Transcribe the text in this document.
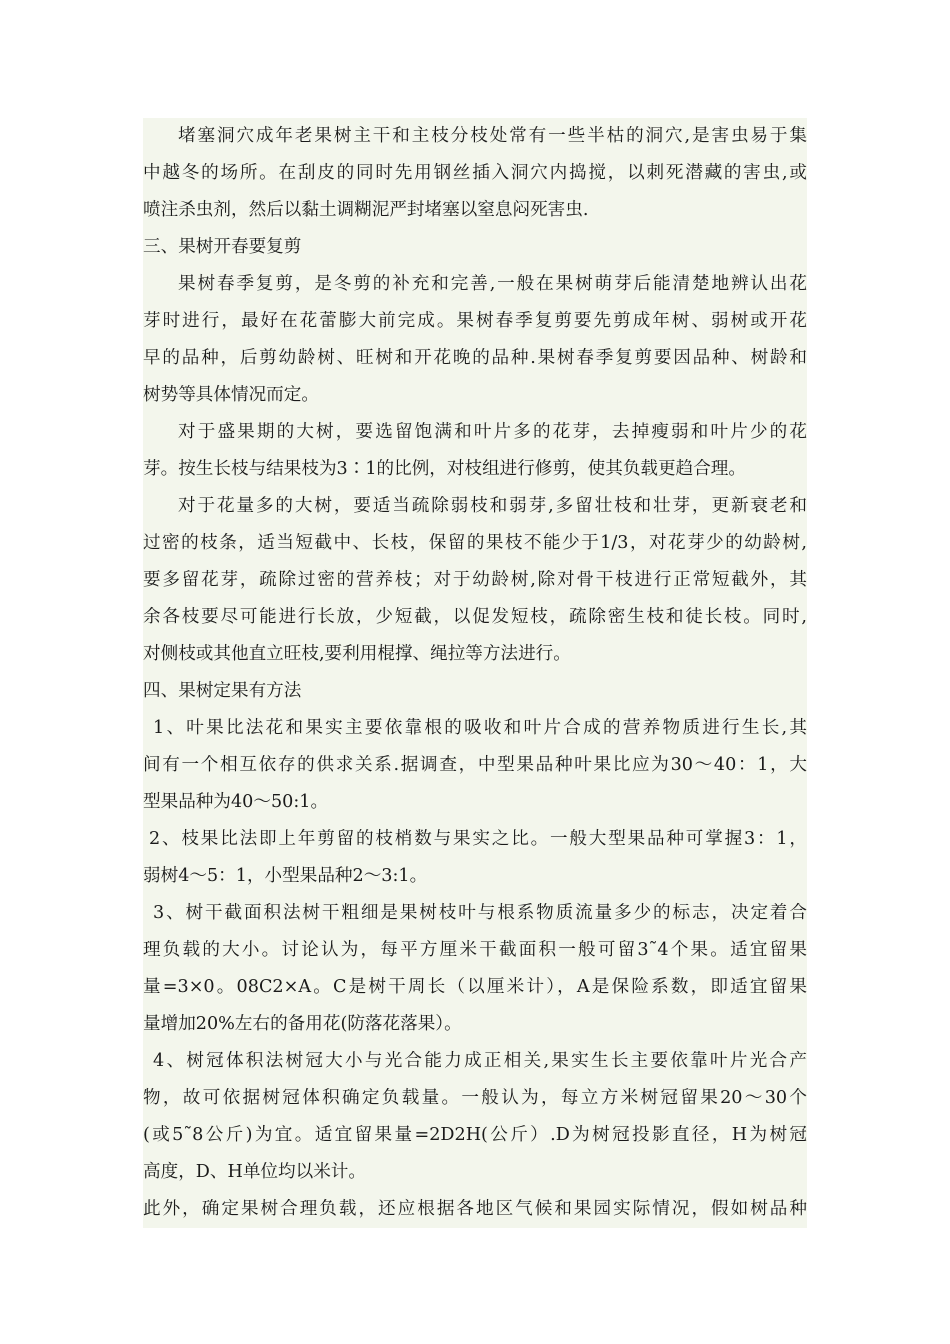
堵塞洞穴成年老果树主干和主枝分枝处常有一些半枯的洞穴,是害虫易于集
中越冬的场所。在刮皮的同时先用钢丝插入洞穴内捣搅，以刺死潜藏的害虫,或
喷注杀虫剂，然后以黏土调糊泥严封堵塞以窒息闷死害虫.
三、果树开春要复剪
果树春季复剪，是冬剪的补充和完善,一般在果树萌芽后能清楚地辨认出花
芽时进行，最好在花蕾膨大前完成。果树春季复剪要先剪成年树、弱树或开花
早的品种，后剪幼龄树、旺树和开花晚的品种.果树春季复剪要因品种、树龄和
树势等具体情况而定。
对于盛果期的大树，要选留饱满和叶片多的花芽，去掉瘦弱和叶片少的花
芽。按生长枝与结果枝为3∶1的比例，对枝组进行修剪，使其负载更趋合理。
对于花量多的大树，要适当疏除弱枝和弱芽,多留壮枝和壮芽，更新衰老和
过密的枝条，适当短截中、长枝，保留的果枝不能少于1/3，对花芽少的幼龄树,
要多留花芽，疏除过密的营养枝；对于幼龄树,除对骨干枝进行正常短截外，其
余各枝要尽可能进行长放，少短截，以促发短枝，疏除密生枝和徒长枝。同时,
对侧枝或其他直立旺枝,要利用棍撑、绳拉等方法进行。
四、果树定果有方法
1、叶果比法花和果实主要依靠根的吸收和叶片合成的营养物质进行生长,其
间有一个相互依存的供求关系.据调查，中型果品种叶果比应为30～40：1，大
型果品种为40～50:1。
2、枝果比法即上年剪留的枝梢数与果实之比。一般大型果品种可掌握3：1，
弱树4～5：1，小型果品种2～3:1。
3、树干截面积法树干粗细是果树枝叶与根系物质流量多少的标志，决定着合
理负载的大小。讨论认为，每平方厘米干截面积一般可留3˜4个果。适宜留果
量=3×0。08C2×A。C是树干周长（以厘米计），A是保险系数，即适宜留果
量增加20%左右的备用花(防落花落果）。
4、树冠体积法树冠大小与光合能力成正相关,果实生长主要依靠叶片光合产
物，故可依据树冠体积确定负载量。一般认为，每立方米树冠留果20～30个
(或5˜8公斤)为宜。适宜留果量=2D2H(公斤）.D为树冠投影直径，H为树冠
高度，D、H单位均以米计。
此外，确定果树合理负载，还应根据各地区气候和果园实际情况，假如树品种
